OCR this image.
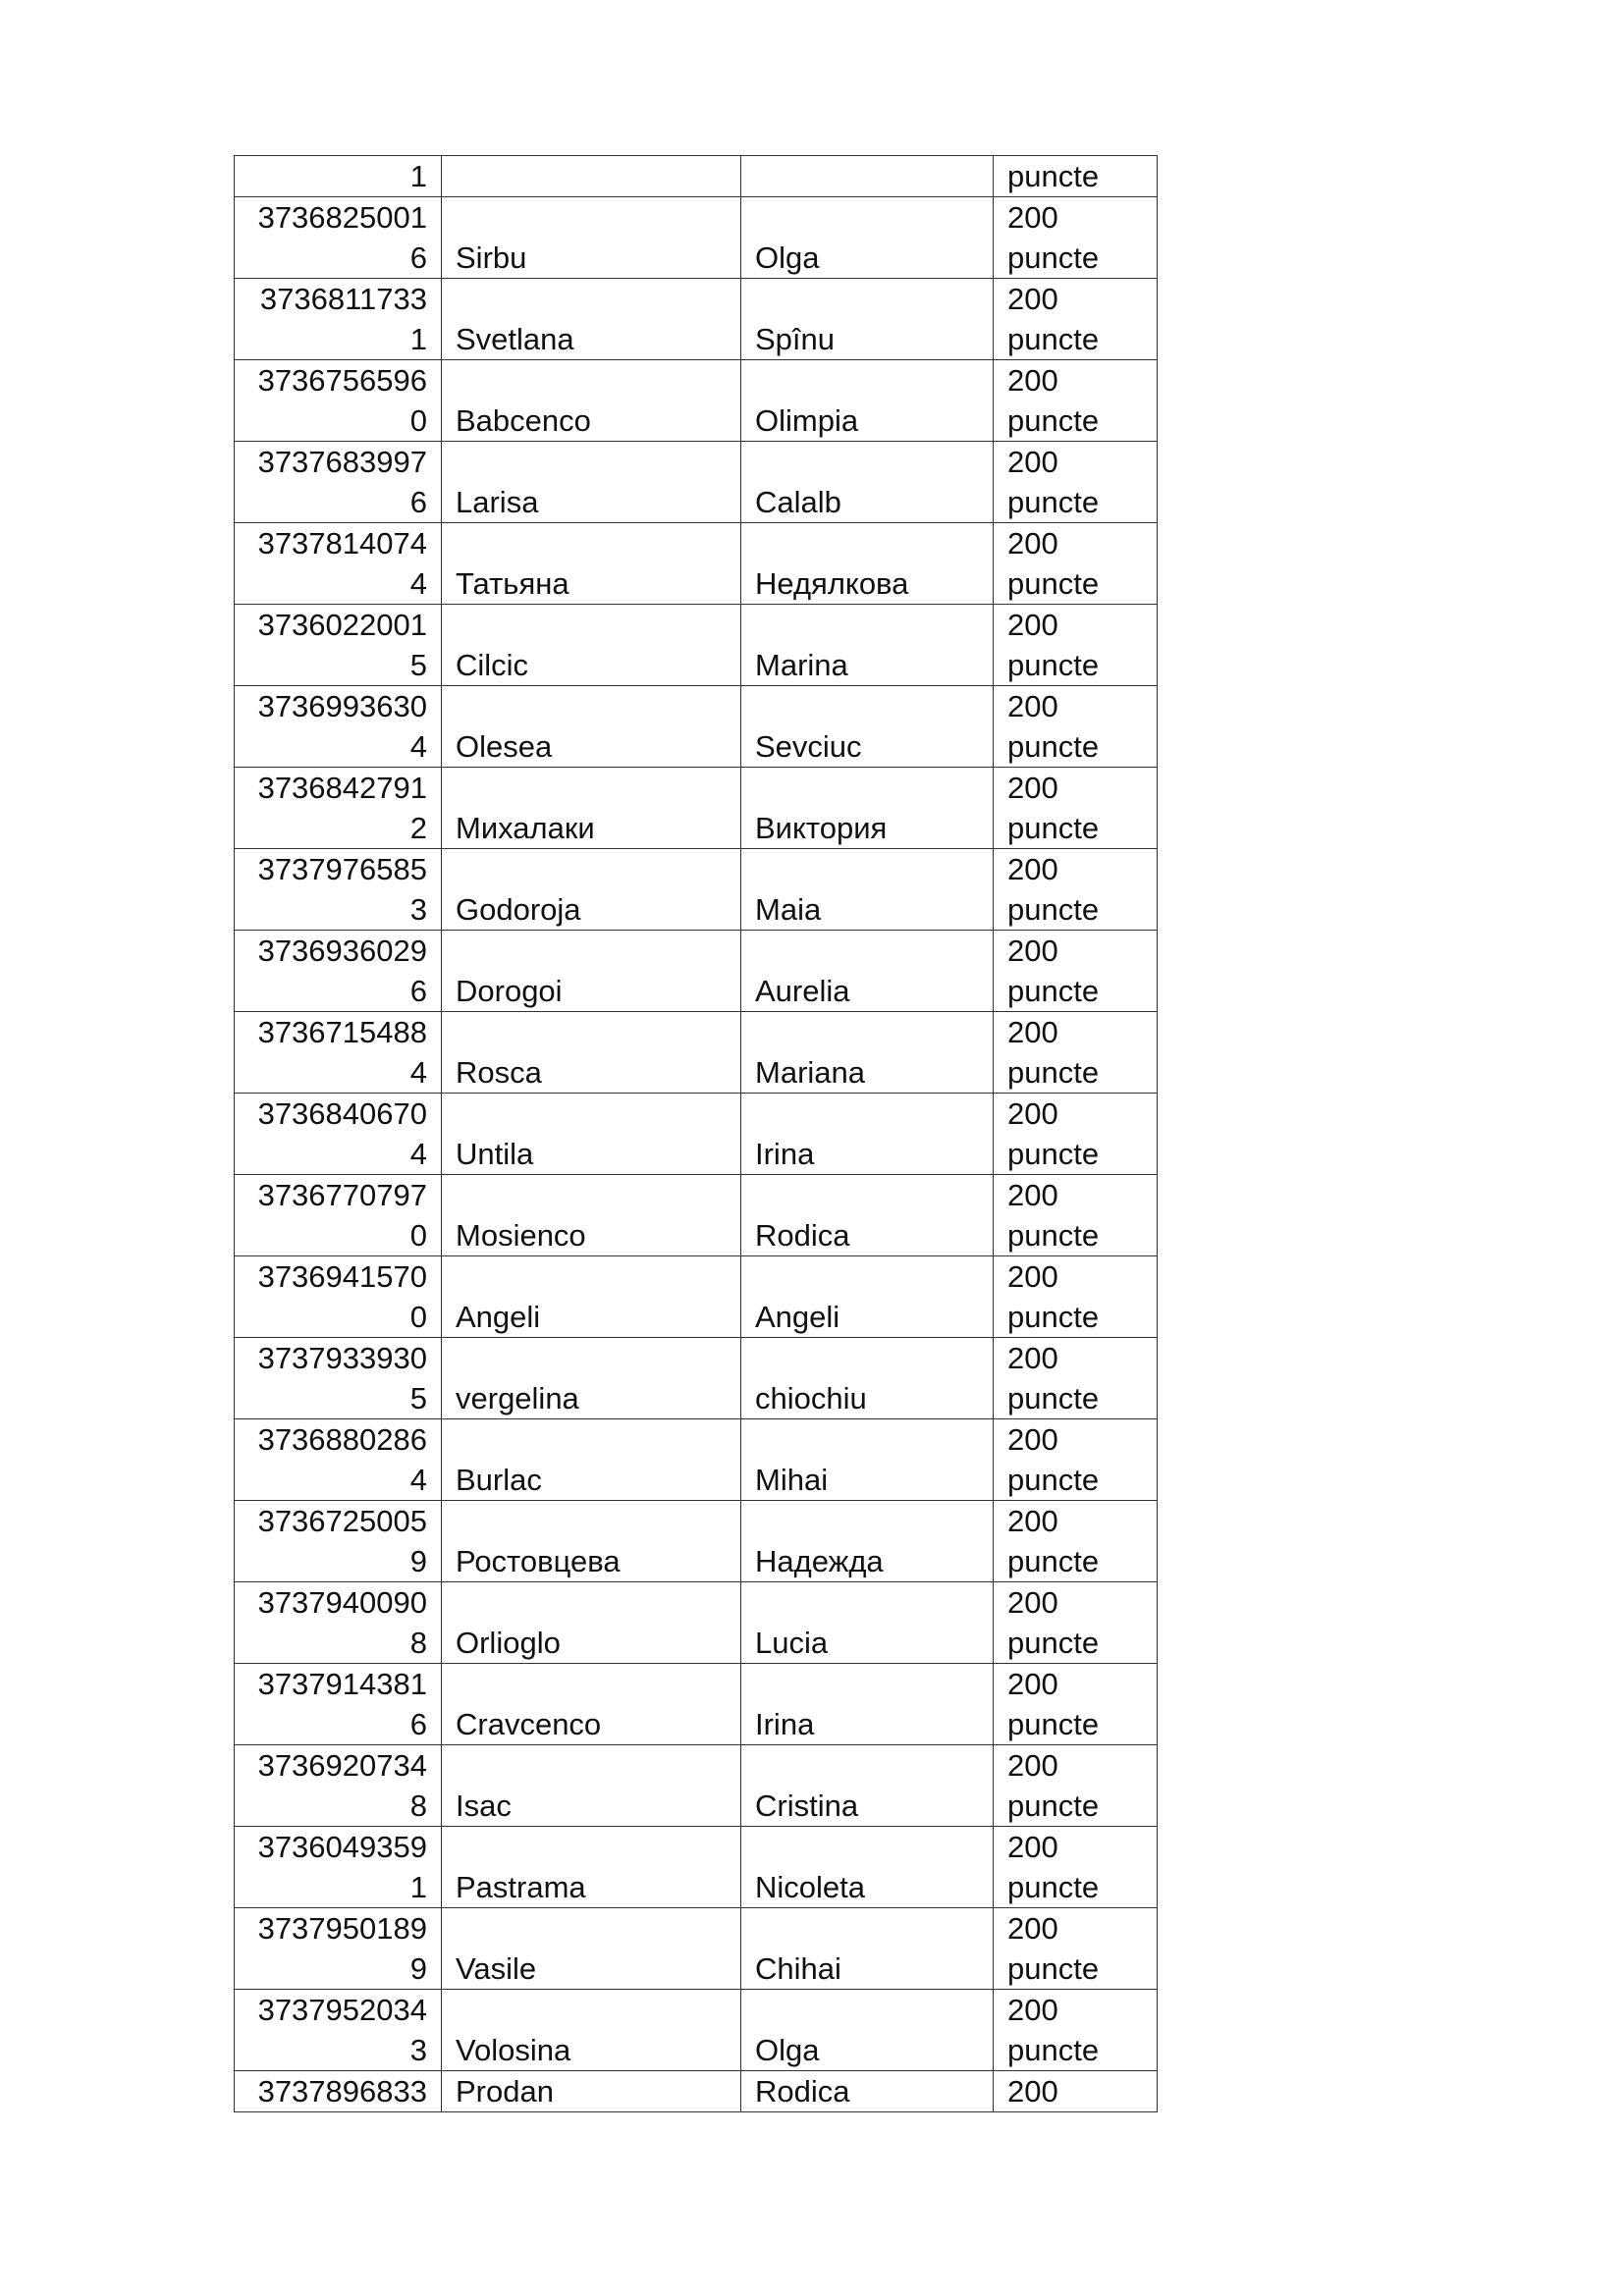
1			puncte

3736825001
6	Sirbu	Olga	200
puncte

3736811733
1	Svetlana	Spînu	200
puncte

3736756596
0	Babcenco	Olimpia	200
puncte

3737683997
6	Larisa	Calalb	200
puncte

3737814074
4	Татьяна	Недялкова	200
puncte

3736022001
5	Cilcic	Marina	200
puncte

3736993630
4	Olesea	Sevciuc	200
puncte

3736842791
2	Михалаки	Виктория	200
puncte

3737976585
3	Godoroja	Maia	200
puncte

3736936029
6	Dorogoi	Aurelia	200
puncte

3736715488
4	Rosca	Mariana	200
puncte

3736840670
4	Untila	Irina	200
puncte

3736770797
0	Mosienco	Rodica	200
puncte

3736941570
0	Angeli	Angeli	200
puncte

3737933930
5	vergelina	chiochiu	200
puncte

3736880286
4	Burlac	Mihai	200
puncte

3736725005
9	Ростовцева	Надежда	200
puncte

3737940090
8	Orlioglo	Lucia	200
puncte

3737914381
6	Cravcenco	Irina	200
puncte

3736920734
8	Isac	Cristina	200
puncte

3736049359
1	Pastrama	Nicoleta	200
puncte

3737950189
9	Vasile	Chihai	200
puncte

3737952034
3	Volosina	Olga	200
puncte

3737896833	Prodan	Rodica	200
